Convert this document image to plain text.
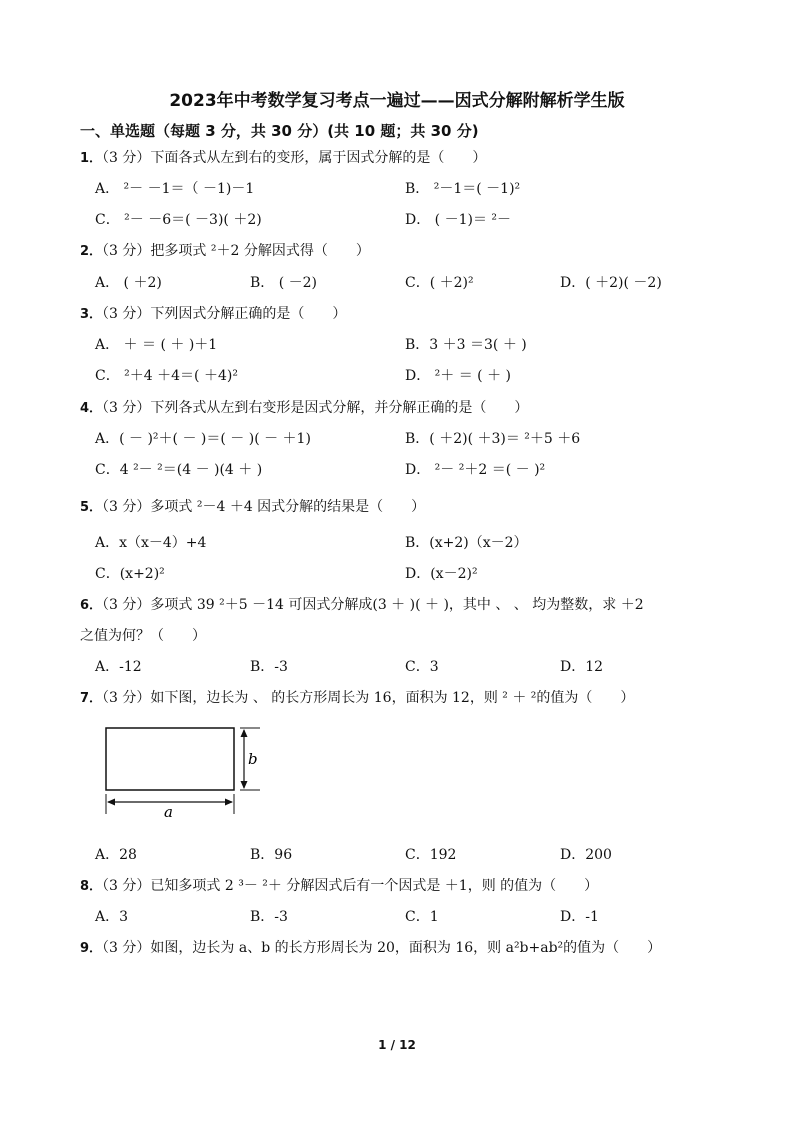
2023年中考数学复习考点一遍过——因式分解附解析学生版
一、单选题（每题 3 分，共 30 分）(共 10 题；共 30 分)
1．（3 分）下面各式从左到右的变形，属于因式分解的是（　　）
A． ²－ －1＝（ －1)－1	B． ²－1＝( －1)²
C． ²－ －6＝( －3)( ＋2)	D． ( －1)＝ ²－
2．（3 分）把多项式 ²＋2 分解因式得（　　）
A． ( ＋2)	B． ( －2)	C．( ＋2)²	D．( ＋2)( －2)
3．（3 分）下列因式分解正确的是（　　）
A． ＋ ＝ ( ＋ )＋1	B．3 ＋3 ＝3( ＋ )
C． ²＋4 ＋4＝( ＋4)²	D． ²＋ ＝ ( ＋ )
4．（3 分）下列各式从左到右变形是因式分解，并分解正确的是（　　）
A．( － )²＋( － )＝( － )( － ＋1)	B．( ＋2)( ＋3)＝ ²＋5 ＋6
C．4 ²－ ²＝(4 － )(4 ＋ )	D． ²－ ²＋2 ＝( － )²
5．（3 分）多项式 ²－4 ＋4 因式分解的结果是（　　）
A．x（x－4）+4	B．(x+2)（x－2）
C．(x+2)²	D．(x－2)²
6．（3 分）多项式 39 ²＋5 －14 可因式分解成(3 ＋ )( ＋ )，其中 、 、 均为整数，求 ＋2
之值为何？（　　）
A．-12	B．-3	C．3	D．12
7．（3 分）如下图，边长为 、 的长方形周长为 16，面积为 12，则 ² ＋ ²的值为（　　）
b
a
A．28	B．96	C．192	D．200
8．（3 分）已知多项式 2 ³－ ²＋ 分解因式后有一个因式是 ＋1，则 的值为（　　）
A．3	B．-3	C．1	D．-1
9．（3 分）如图，边长为 a、b 的长方形周长为 20，面积为 16，则 a²b+ab²的值为（　　）
1 / 12
